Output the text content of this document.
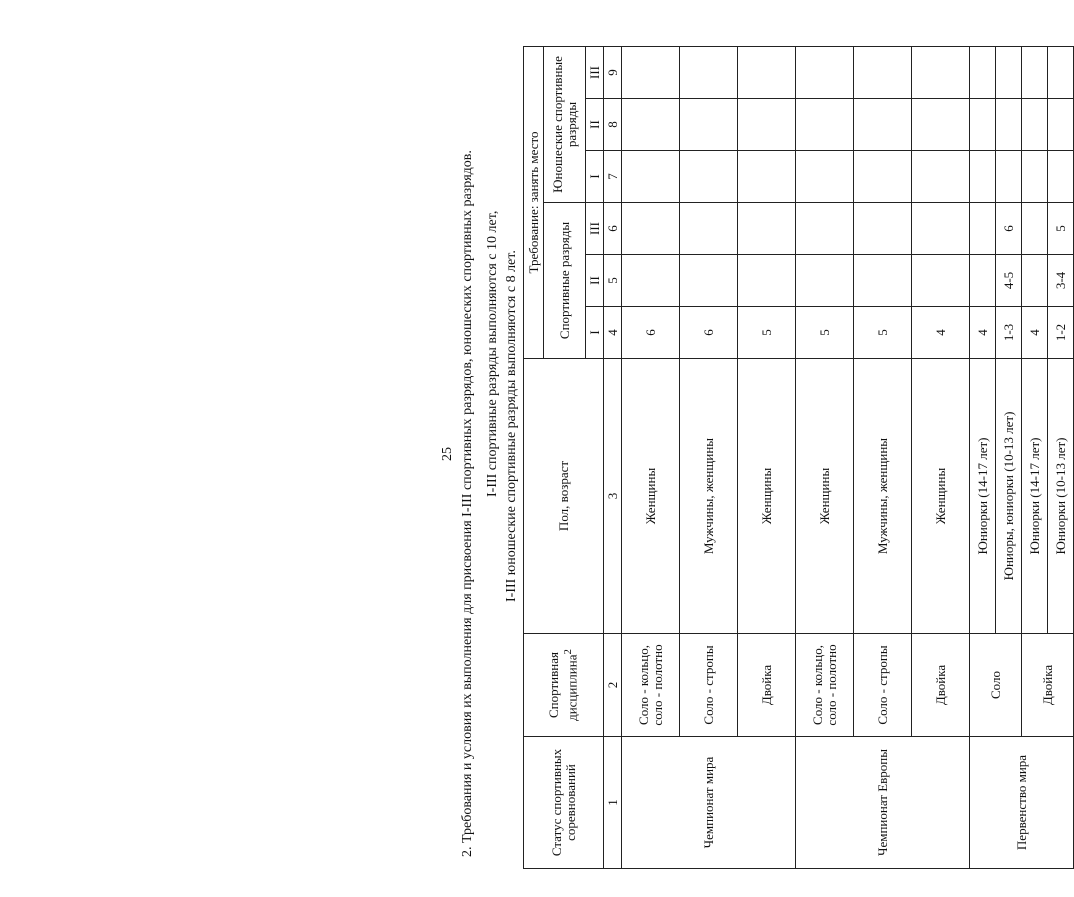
25 2. Требования и условия их выполнения для присвоения I-III спортивных разрядов, юношеских спортивных разрядов. I-III спортивные разряды выполняются с 10 лет, I-III юношеские спортивные разряды выполняются с 8 лет.
Статус спортивных соревнований	Спортивная дисциплина$^2$	Пол, возраст	Требование: занять место					
			Спортивные разряды			Юношеские спортивные разряды		
			I	II	III	I	II	III
1	2	3	4	5	6	7	8	9
Чемпионат мира	Соло - кольцо, соло - полотно	Женщины	6					
	Соло - стропы	Мужчины, женщины	6					
	Двойка	Женщины	5					
Чемпионат Европы	Соло - кольцо, соло - полотно	Женщины	5					
	Соло - стропы	Мужчины, женщины	5					
	Двойка	Женщины	4					
Первенство мира	Соло	Юниорки (14-17 лет)	4					
		Юниоры, юниорки (10-13 лет)	1-3	4-5	6			
	Двойка	Юниорки (14-17 лет)	4					
		Юниорки (10-13 лет)	1-2	3-4	5			
